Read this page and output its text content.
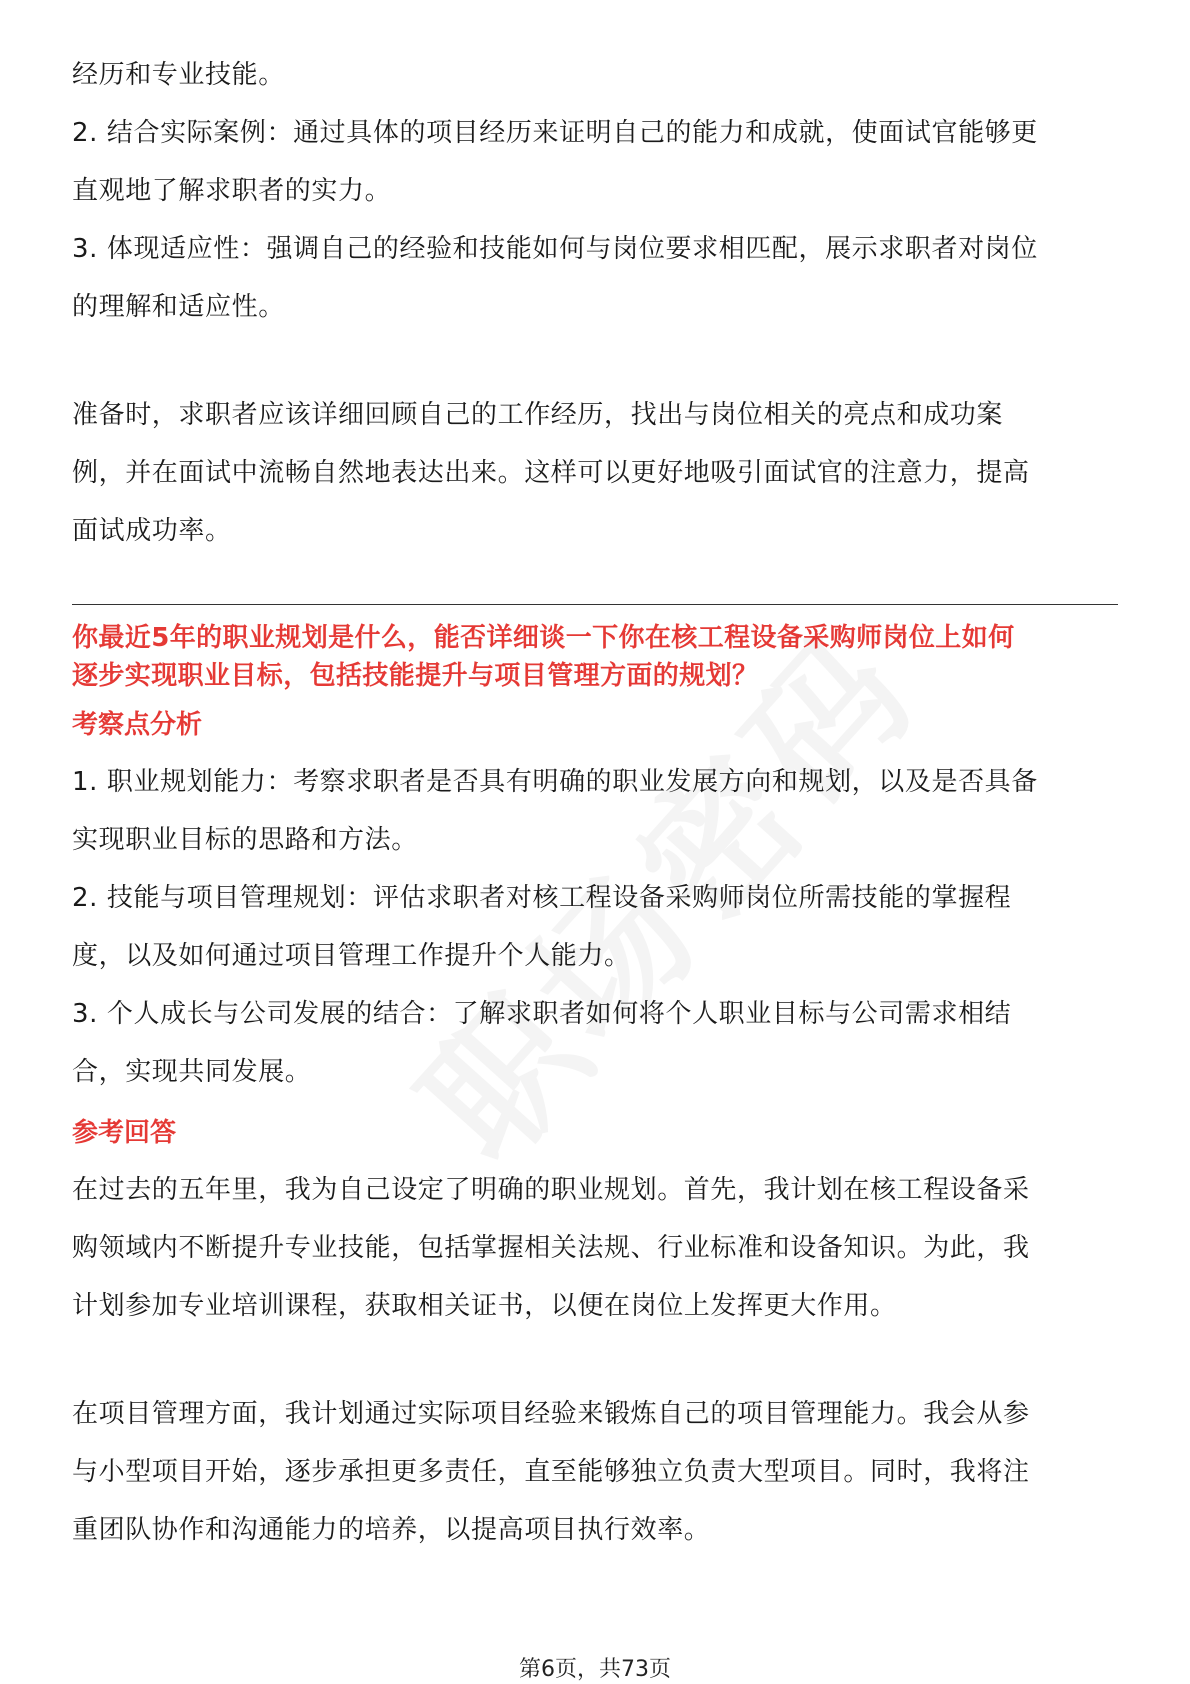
经历和专业技能。

2. 结合实际案例：通过具体的项目经历来证明自己的能力和成就，使面试官能够更

直观地了解求职者的实力。

3. 体现适应性：强调自己的经验和技能如何与岗位要求相匹配，展示求职者对岗位

的理解和适应性。

准备时，求职者应该详细回顾自己的工作经历，找出与岗位相关的亮点和成功案

例，并在面试中流畅自然地表达出来。这样可以更好地吸引面试官的注意力，提高

面试成功率。

你最近5年的职业规划是什么，能否详细谈一下你在核工程设备采购师岗位上如何
逐步实现职业目标，包括技能提升与项目管理方面的规划？
考察点分析

1. 职业规划能力：考察求职者是否具有明确的职业发展方向和规划，以及是否具备

实现职业目标的思路和方法。

2. 技能与项目管理规划：评估求职者对核工程设备采购师岗位所需技能的掌握程

度，以及如何通过项目管理工作提升个人能力。

3. 个人成长与公司发展的结合：了解求职者如何将个人职业目标与公司需求相结

合，实现共同发展。

参考回答

在过去的五年里，我为自己设定了明确的职业规划。首先，我计划在核工程设备采

购领域内不断提升专业技能，包括掌握相关法规、行业标准和设备知识。为此，我

计划参加专业培训课程，获取相关证书，以便在岗位上发挥更大作用。

在项目管理方面，我计划通过实际项目经验来锻炼自己的项目管理能力。我会从参

与小型项目开始，逐步承担更多责任，直至能够独立负责大型项目。同时，我将注

重团队协作和沟通能力的培养，以提高项目执行效率。

第6页，共73页
